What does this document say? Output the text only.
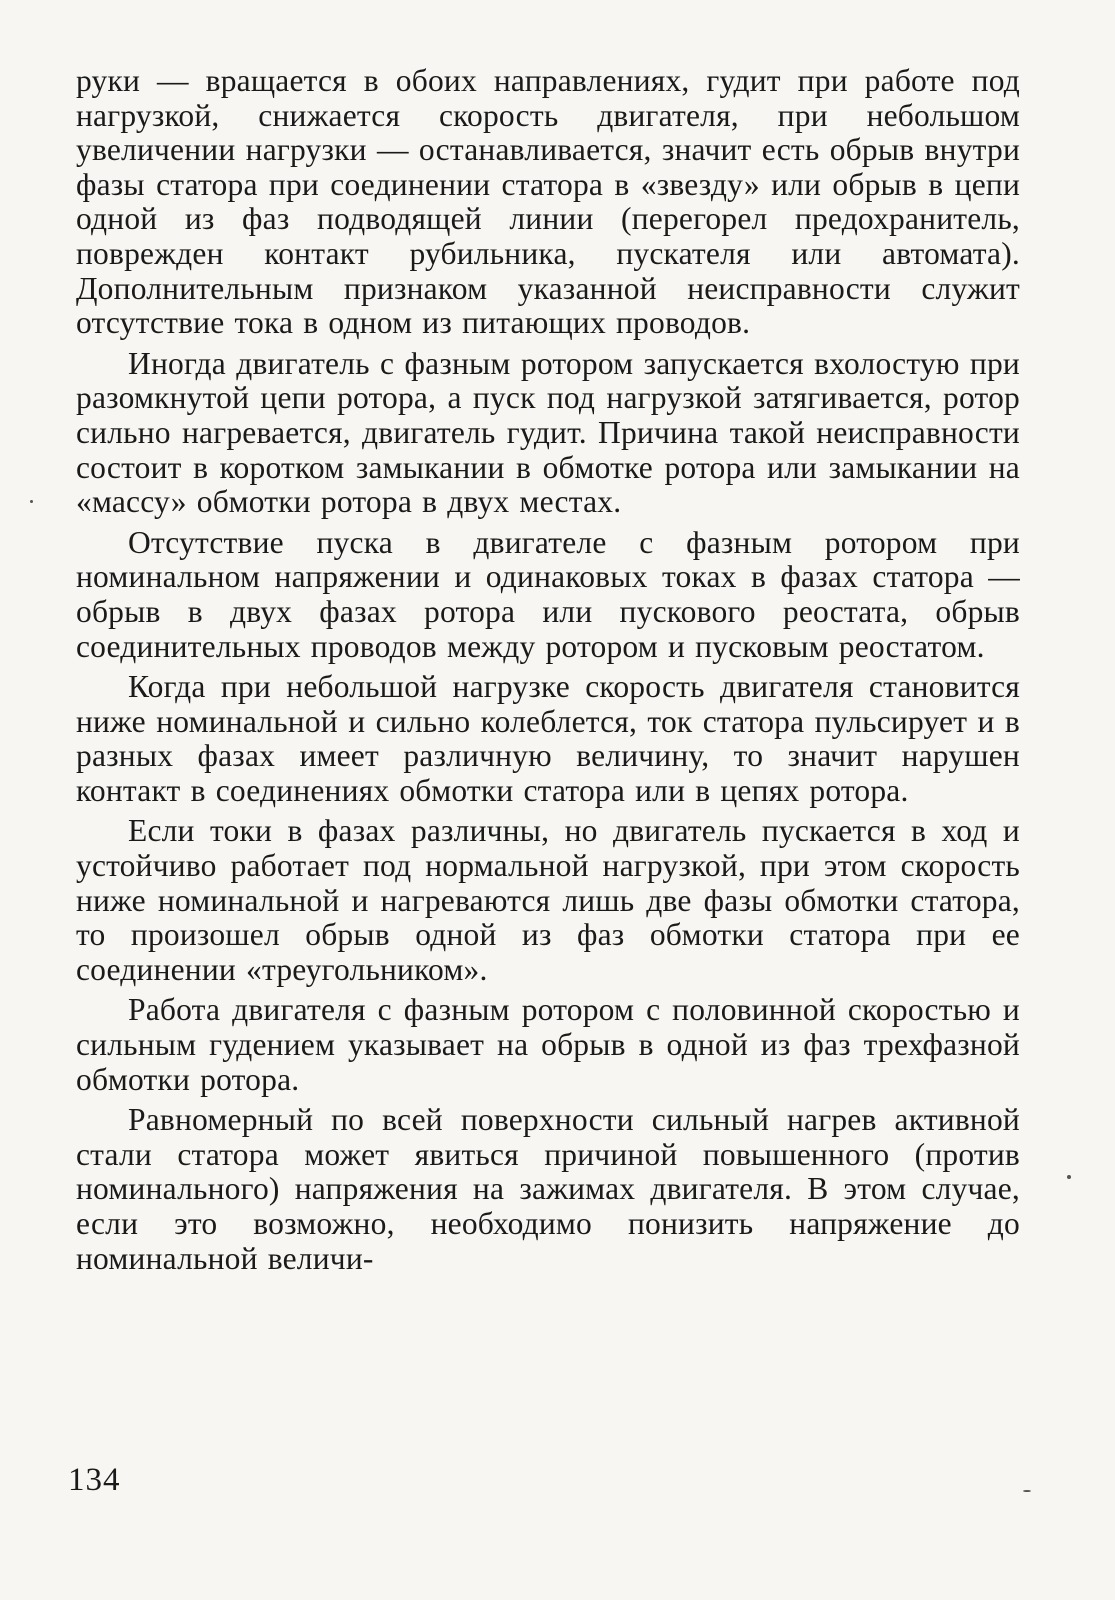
руки — вращается в обоих направлениях, гудит при работе под нагрузкой, снижается скорость двигателя, при небольшом увеличении нагрузки — останавливается, значит есть обрыв внутри фазы статора при соединении статора в «звезду» или обрыв в цепи одной из фаз подводящей линии (перегорел предохранитель, поврежден контакт рубильника, пускателя или автомата). Дополнительным признаком указанной неисправности служит отсутствие тока в одном из питающих проводов.

Иногда двигатель с фазным ротором запускается вхолостую при разомкнутой цепи ротора, а пуск под нагрузкой затягивается, ротор сильно нагревается, двигатель гудит. Причина такой неисправности состоит в коротком замыкании в обмотке ротора или замыкании на «массу» обмотки ротора в двух местах.

Отсутствие пуска в двигателе с фазным ротором при номинальном напряжении и одинаковых токах в фазах статора — обрыв в двух фазах ротора или пускового реостата, обрыв соединительных проводов между ротором и пусковым реостатом.

Когда при небольшой нагрузке скорость двигателя становится ниже номинальной и сильно колеблется, ток статора пульсирует и в разных фазах имеет различную величину, то значит нарушен контакт в соединениях обмотки статора или в цепях ротора.

Если токи в фазах различны, но двигатель пускается в ход и устойчиво работает под нормальной нагрузкой, при этом скорость ниже номинальной и нагреваются лишь две фазы обмотки статора, то произошел обрыв одной из фаз обмотки статора при ее соединении «треугольником».

Работа двигателя с фазным ротором с половинной скоростью и сильным гудением указывает на обрыв в одной из фаз трехфазной обмотки ротора.

Равномерный по всей поверхности сильный нагрев активной стали статора может явиться причиной повышенного (против номинального) напряжения на зажимах двигателя. В этом случае, если это возможно, необходимо понизить напряжение до номинальной величи-

134
